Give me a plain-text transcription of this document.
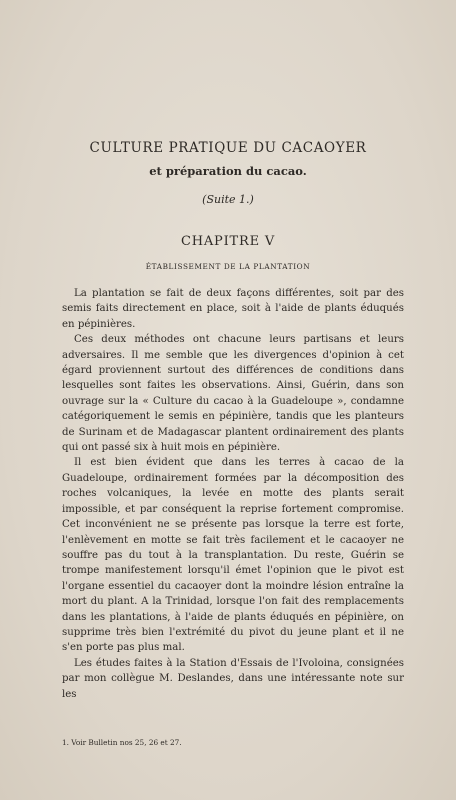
CULTURE PRATIQUE DU CACAOYER
et préparation du cacao.
(Suite 1.)
CHAPITRE V
ÉTABLISSEMENT DE LA PLANTATION

La plantation se fait de deux façons différentes, soit par des semis faits directement en place, soit à l'aide de plants éduqués en pépinières.

Ces deux méthodes ont chacune leurs partisans et leurs adversaires. Il me semble que les divergences d'opinion à cet égard proviennent surtout des différences de conditions dans lesquelles sont faites les observations. Ainsi, Guérin, dans son ouvrage sur la « Culture du cacao à la Guadeloupe », condamne catégoriquement le semis en pépinière, tandis que les planteurs de Surinam et de Madagascar plantent ordinairement des plants qui ont passé six à huit mois en pépinière.

Il est bien évident que dans les terres à cacao de la Guadeloupe, ordinairement formées par la décomposition des roches volcaniques, la levée en motte des plants serait impossible, et par conséquent la reprise fortement compromise. Cet inconvénient ne se présente pas lorsque la terre est forte, l'enlèvement en motte se fait très facilement et le cacaoyer ne souffre pas du tout à la transplantation. Du reste, Guérin se trompe manifestement lorsqu'il émet l'opinion que le pivot est l'organe essentiel du cacaoyer dont la moindre lésion entraîne la mort du plant. A la Trinidad, lorsque l'on fait des remplacements dans les plantations, à l'aide de plants éduqués en pépinière, on supprime très bien l'extrémité du pivot du jeune plant et il ne s'en porte pas plus mal.

Les études faites à la Station d'Essais de l'Ivoloina, consignées par mon collègue M. Deslandes, dans une intéressante note sur les

1. Voir Bulletin nos 25, 26 et 27.
